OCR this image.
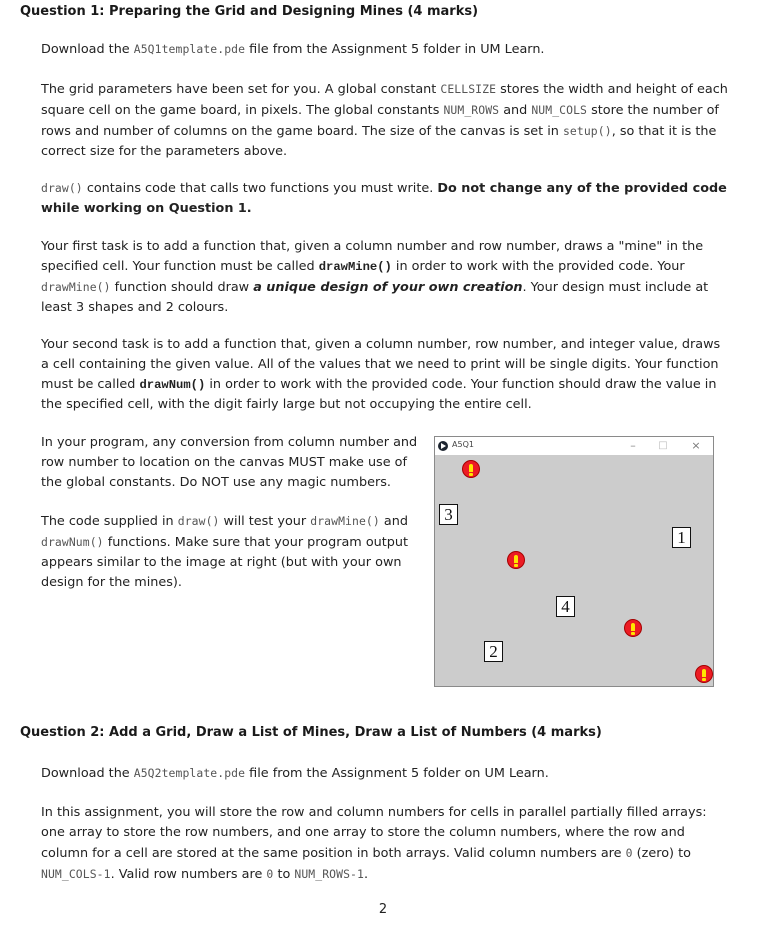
Question 1: Preparing the Grid and Designing Mines (4 marks)
Download the A5Q1template.pde file from the Assignment 5 folder in UM Learn.
The grid parameters have been set for you. A global constant CELLSIZE stores the width and height of each square cell on the game board, in pixels. The global constants NUM_ROWS and NUM_COLS store the number of rows and number of columns on the game board. The size of the canvas is set in setup(), so that it is the correct size for the parameters above.
draw() contains code that calls two functions you must write. Do not change any of the provided code while working on Question 1.
Your first task is to add a function that, given a column number and row number, draws a "mine" in the specified cell. Your function must be called drawMine() in order to work with the provided code. Your drawMine() function should draw a unique design of your own creation. Your design must include at least 3 shapes and 2 colours.
Your second task is to add a function that, given a column number, row number, and integer value, draws a cell containing the given value. All of the values that we need to print will be single digits. Your function must be called drawNum() in order to work with the provided code. Your function should draw the value in the specified cell, with the digit fairly large but not occupying the entire cell.
In your program, any conversion from column number and row number to location on the canvas MUST make use of the global constants. Do NOT use any magic numbers.
The code supplied in draw() will test your drawMine() and drawNum() functions. Make sure that your program output appears similar to the image at right (but with your own design for the mines).
A5Q1	–	□	×
3
1
4
2
Question 2: Add a Grid, Draw a List of Mines, Draw a List of Numbers (4 marks)
Download the A5Q2template.pde file from the Assignment 5 folder on UM Learn.
In this assignment, you will store the row and column numbers for cells in parallel partially filled arrays: one array to store the row numbers, and one array to store the column numbers, where the row and column for a cell are stored at the same position in both arrays. Valid column numbers are 0 (zero) to NUM_COLS-1. Valid row numbers are 0 to NUM_ROWS-1.
2
